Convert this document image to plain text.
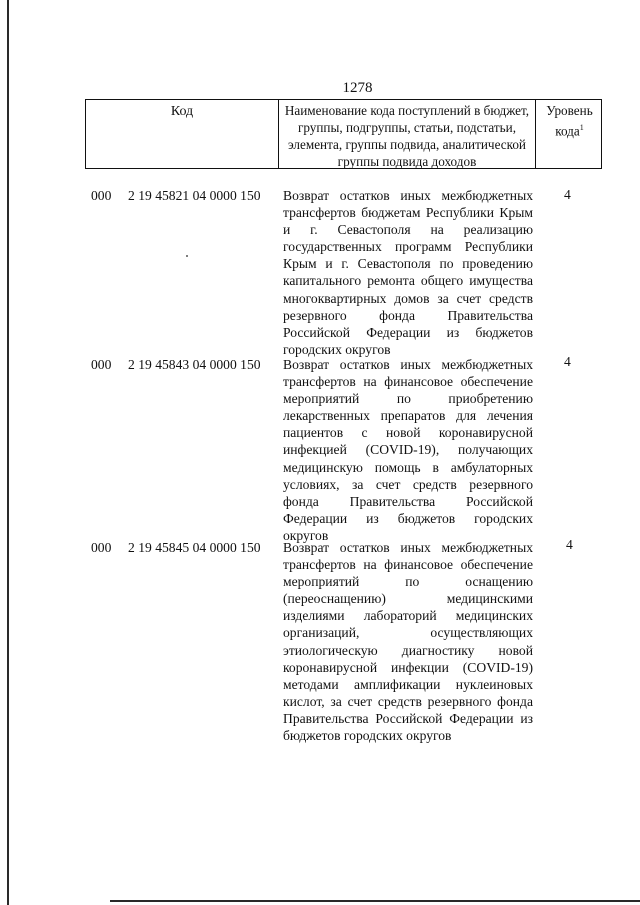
1278
Код	Наименование кода поступлений в бюджет, группы, подгруппы, статьи, подстатьи, элемента, группы подвида, аналитической группы подвида доходов
Уровень кода$^1$
000 2 19 45821 04 0000 150 Возврат остатков иных межбюджетных трансфертов бюджетам Республики Крым и г. Севастополя на реализацию государственных программ Республики Крым и г. Севастополя по проведению капитального ремонта общего имущества многоквартирных домов за счет средств резервного фонда Правительства Российской Федерации из бюджетов городских округов
4
000 2 19 45843 04 0000 150 Возврат остатков иных межбюджетных трансфертов на финансовое обеспечение мероприятий по приобретению лекарственных препаратов для лечения пациентов с новой коронавирусной инфекцией (COVID-19), получающих медицинскую помощь в амбулаторных условиях, за счет средств резервного фонда Правительства Российской Федерации из бюджетов городских округов
4
000 2 19 45845 04 0000 150 Возврат остатков иных межбюджетных трансфертов на финансовое обеспечение мероприятий по оснащению (переоснащению) медицинскими изделиями лабораторий медицинских организаций, осуществляющих этиологическую диагностику новой коронавирусной инфекции (COVID-19) методами амплификации нуклеиновых кислот, за счет средств резервного фонда Правительства Российской Федерации из бюджетов городских округов
4
